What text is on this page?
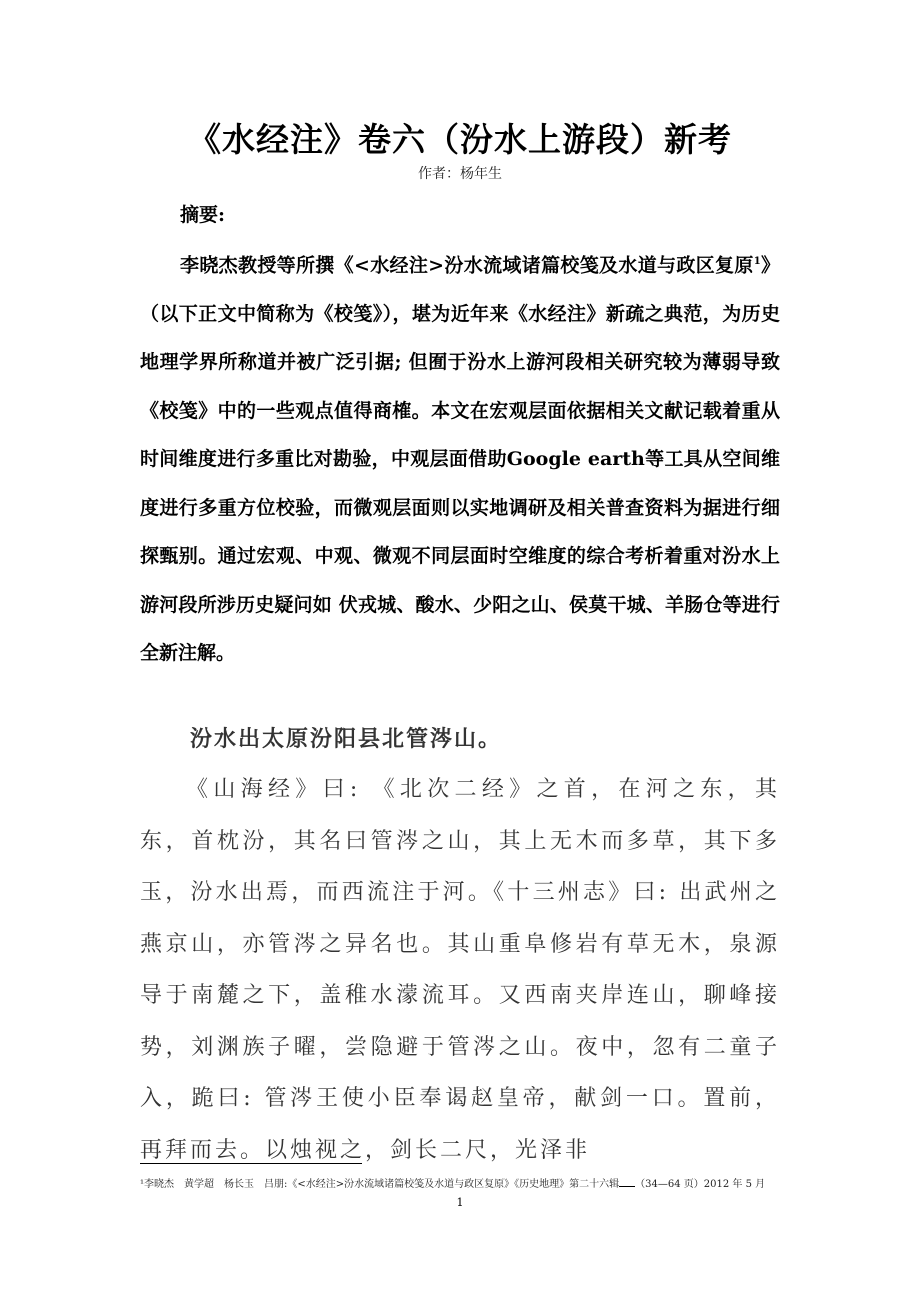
《水经注》卷六（汾水上游段）新考
作者：杨年生
摘要:

李晓杰教授等所撰《<水经注>汾水流域诸篇校笺及水道与政区复原$^1$》（以下正文中简称为《校笺》），堪为近年来《水经注》新疏之典范，为历史地理学界所称道并被广泛引据; 但囿于汾水上游河段相关研究较为薄弱导致《校笺》中的一些观点值得商榷。本文在宏观层面依据相关文献记载着重从时间维度进行多重比对勘验，中观层面借助Google earth等工具从空间维度进行多重方位校验，而微观层面则以实地调研及相关普查资料为据进行细探甄别。通过宏观、中观、微观不同层面时空维度的综合考析着重对汾水上游河段所涉历史疑问如 伏戎城、酸水、少阳之山、侯莫干城、羊肠仓等进行全新注解。

汾水出太原汾阳县北管涔山。

《山海经》曰: 《北次二经》之首，在河之东，其东，首枕汾，其名曰管涔之山，其上无木而多草，其下多玉，汾水出焉，而西流注于河。《十三州志》曰: 出武州之燕京山，亦管涔之异名也。其山重阜修岩有草无木，泉源导于南麓之下，盖稚水濛流耳。又西南夹岸连山，聊峰接势，刘渊族子曜，尝隐避于管涔之山。夜中，忽有二童子入，跪曰: 管涔王使小臣奉谒赵皇帝，献剑一口。置前，再拜而去。以烛视之，剑长二尺，光泽非

¹李晓杰　黄学超　杨长玉　吕朋:《<水经注>汾水流域诸篇校笺及水道与政区复原》《历史地理》第二十六辑 （34—64 页）2012 年 5 月
1
